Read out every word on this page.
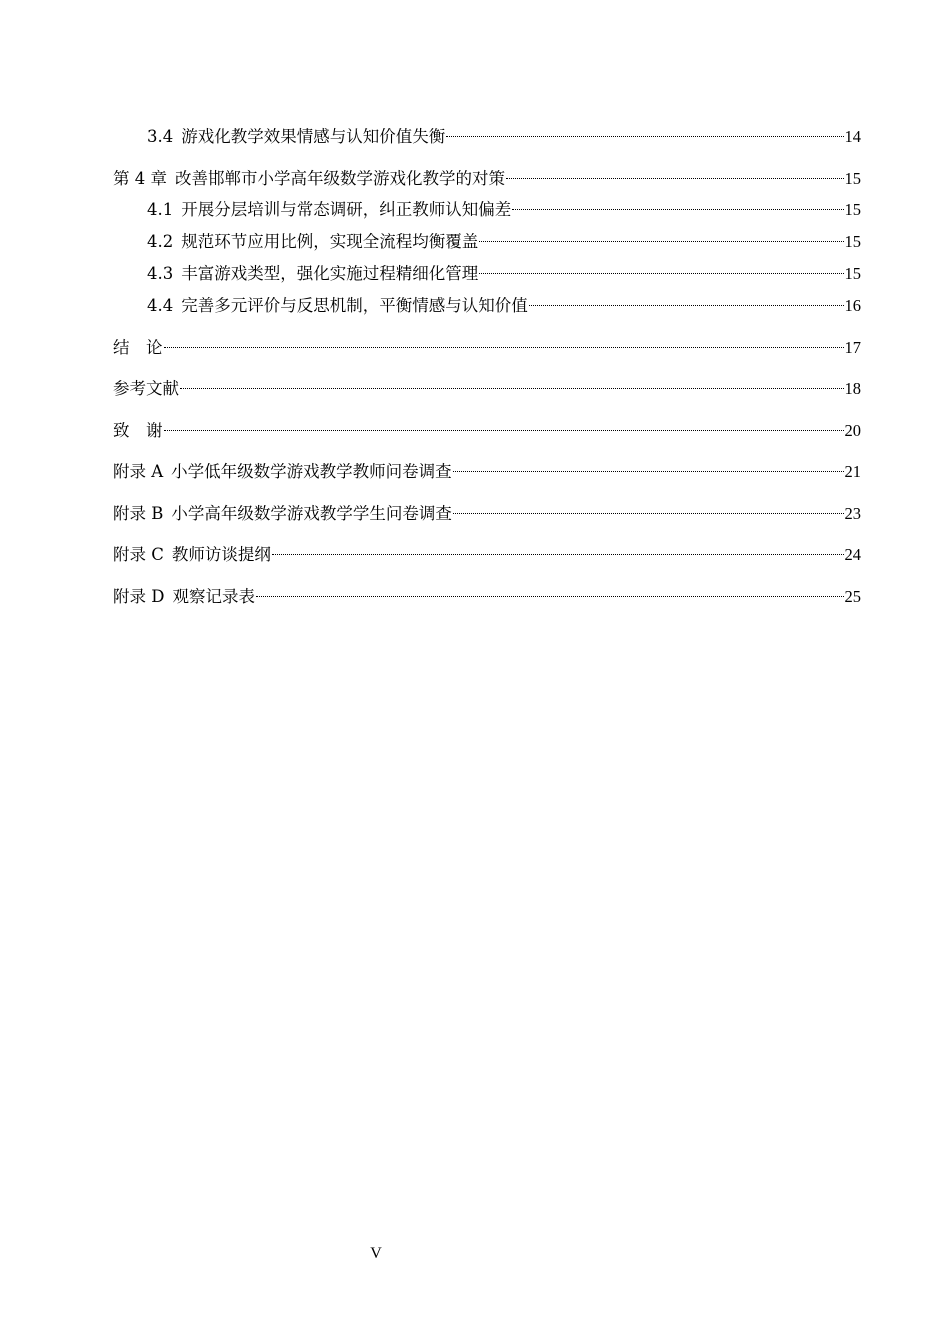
3.4 游戏化教学效果情感与认知价值失衡	14
第 4 章 改善邯郸市小学高年级数学游戏化教学的对策	15
4.1 开展分层培训与常态调研，纠正教师认知偏差	15
4.2 规范环节应用比例，实现全流程均衡覆盖	15
4.3 丰富游戏类型，强化实施过程精细化管理	15
4.4 完善多元评价与反思机制，平衡情感与认知价值	16
结　论	17
参考文献	18
致　谢	20
附录 A 小学低年级数学游戏教学教师问卷调查	21
附录 B 小学高年级数学游戏教学学生问卷调查	23
附录 C 教师访谈提纲	24
附录 D 观察记录表	25
V
